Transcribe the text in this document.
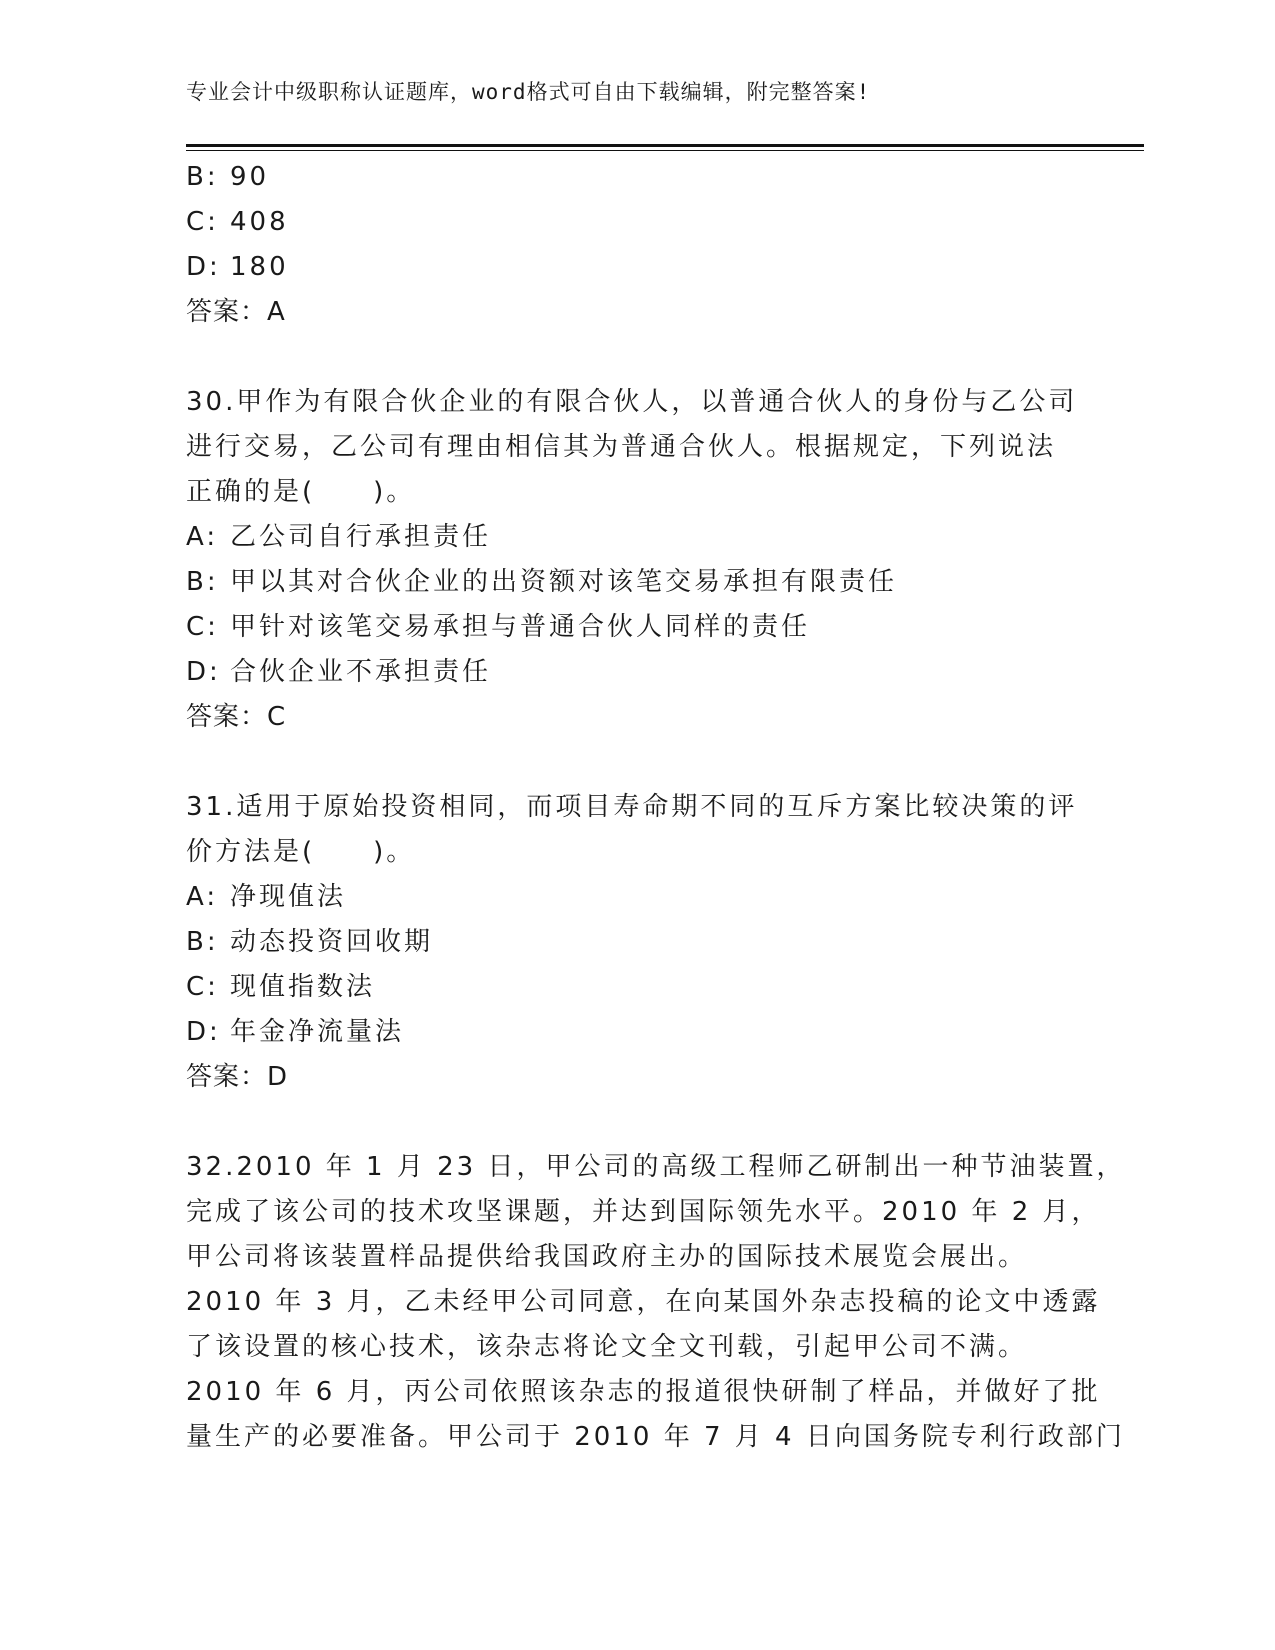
专业会计中级职称认证题库，word格式可自由下载编辑，附完整答案!
B: 90
C: 408
D: 180
答案：A
30.甲作为有限合伙企业的有限合伙人，以普通合伙人的身份与乙公司
进行交易，乙公司有理由相信其为普通合伙人。根据规定，下列说法
正确的是(　　)。
A: 乙公司自行承担责任
B: 甲以其对合伙企业的出资额对该笔交易承担有限责任
C: 甲针对该笔交易承担与普通合伙人同样的责任
D: 合伙企业不承担责任
答案：C
31.适用于原始投资相同，而项目寿命期不同的互斥方案比较决策的评
价方法是(　　)。
A: 净现值法
B: 动态投资回收期
C: 现值指数法
D: 年金净流量法
答案：D
32.2010 年 1 月 23 日，甲公司的高级工程师乙研制出一种节油装置，
完成了该公司的技术攻坚课题，并达到国际领先水平。2010 年 2 月，
甲公司将该装置样品提供给我国政府主办的国际技术展览会展出。
2010 年 3 月，乙未经甲公司同意，在向某国外杂志投稿的论文中透露
了该设置的核心技术，该杂志将论文全文刊载，引起甲公司不满。
2010 年 6 月，丙公司依照该杂志的报道很快研制了样品，并做好了批
量生产的必要准备。甲公司于 2010 年 7 月 4 日向国务院专利行政部门
